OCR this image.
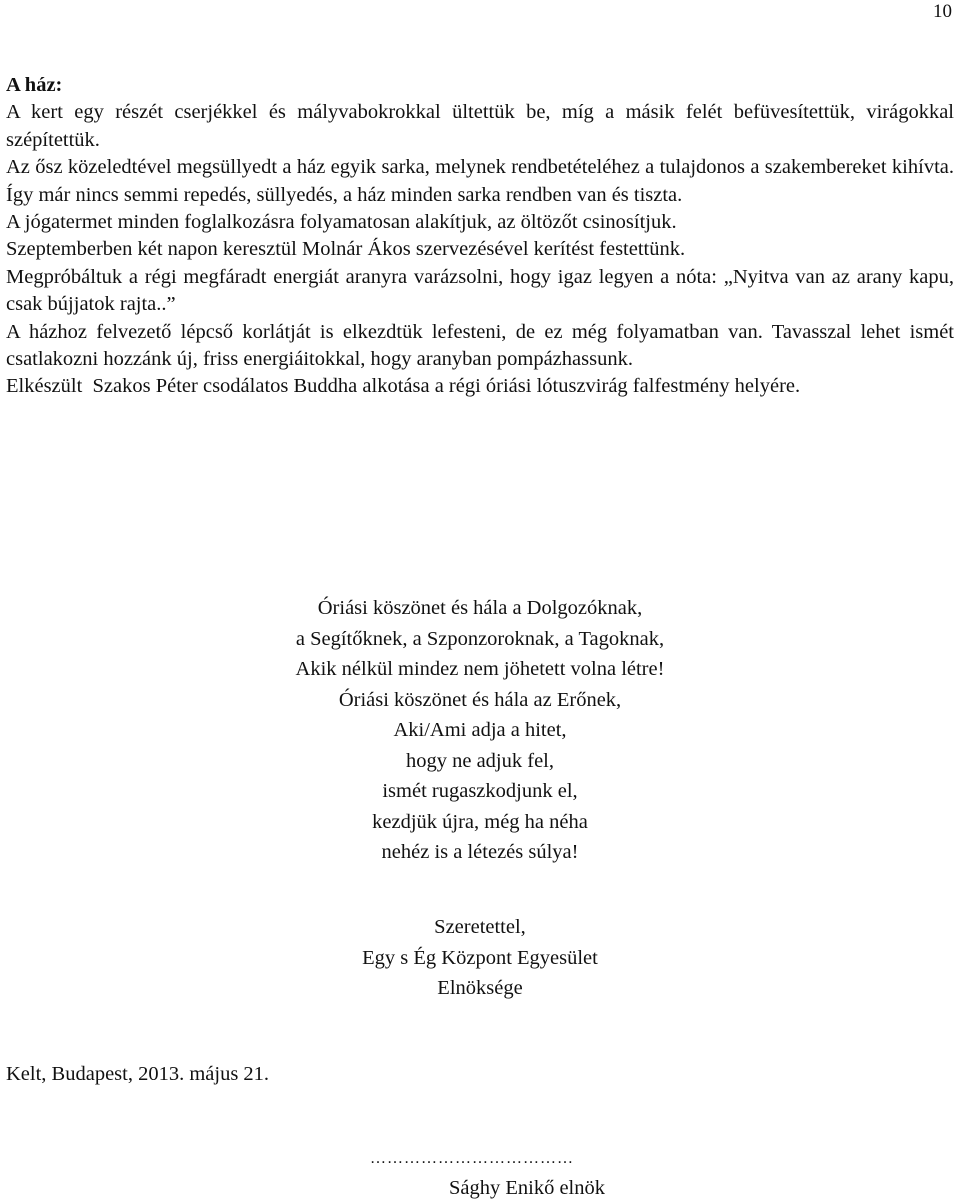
10

A ház:

A kert egy részét cserjékkel és mályvabokrokkal ültettük be, míg a másik felét befüvesítettük, virágokkal szépítettük.

Az ősz közeledtével megsüllyedt a ház egyik sarka, melynek rendbetételéhez a tulajdonos a szakembereket kihívta. Így már nincs semmi repedés, süllyedés, a ház minden sarka rendben van és tiszta.

A jógatermet minden foglalkozásra folyamatosan alakítjuk, az öltözőt csinosítjuk.

Szeptemberben két napon keresztül Molnár Ákos szervezésével kerítést festettünk.

Megpróbáltuk a régi megfáradt energiát aranyra varázsolni, hogy igaz legyen a nóta: „Nyitva van az arany kapu, csak bújjatok rajta..”

A házhoz felvezető lépcső korlátját is elkezdtük lefesteni, de ez még folyamatban van. Tavasszal lehet ismét csatlakozni hozzánk új, friss energiáitokkal, hogy aranyban pompázhassunk.

Elkészült  Szakos Péter csodálatos Buddha alkotása a régi óriási lótuszvirág falfestmény helyére.

Óriási köszönet és hála a Dolgozóknak,
a Segítőknek, a Szponzoroknak, a Tagoknak,
Akik nélkül mindez nem jöhetett volna létre!
Óriási köszönet és hála az Erőnek,
Aki/Ami adja a hitet,
hogy ne adjuk fel,
ismét rugaszkodjunk el,
kezdjük újra, még ha néha
nehéz is a létezés súlya!
Szeretettel,
Egy s Ég Központ Egyesület
Elnöksége
Kelt, Budapest, 2013. május 21.
………………………………
Sághy Enikő elnök
